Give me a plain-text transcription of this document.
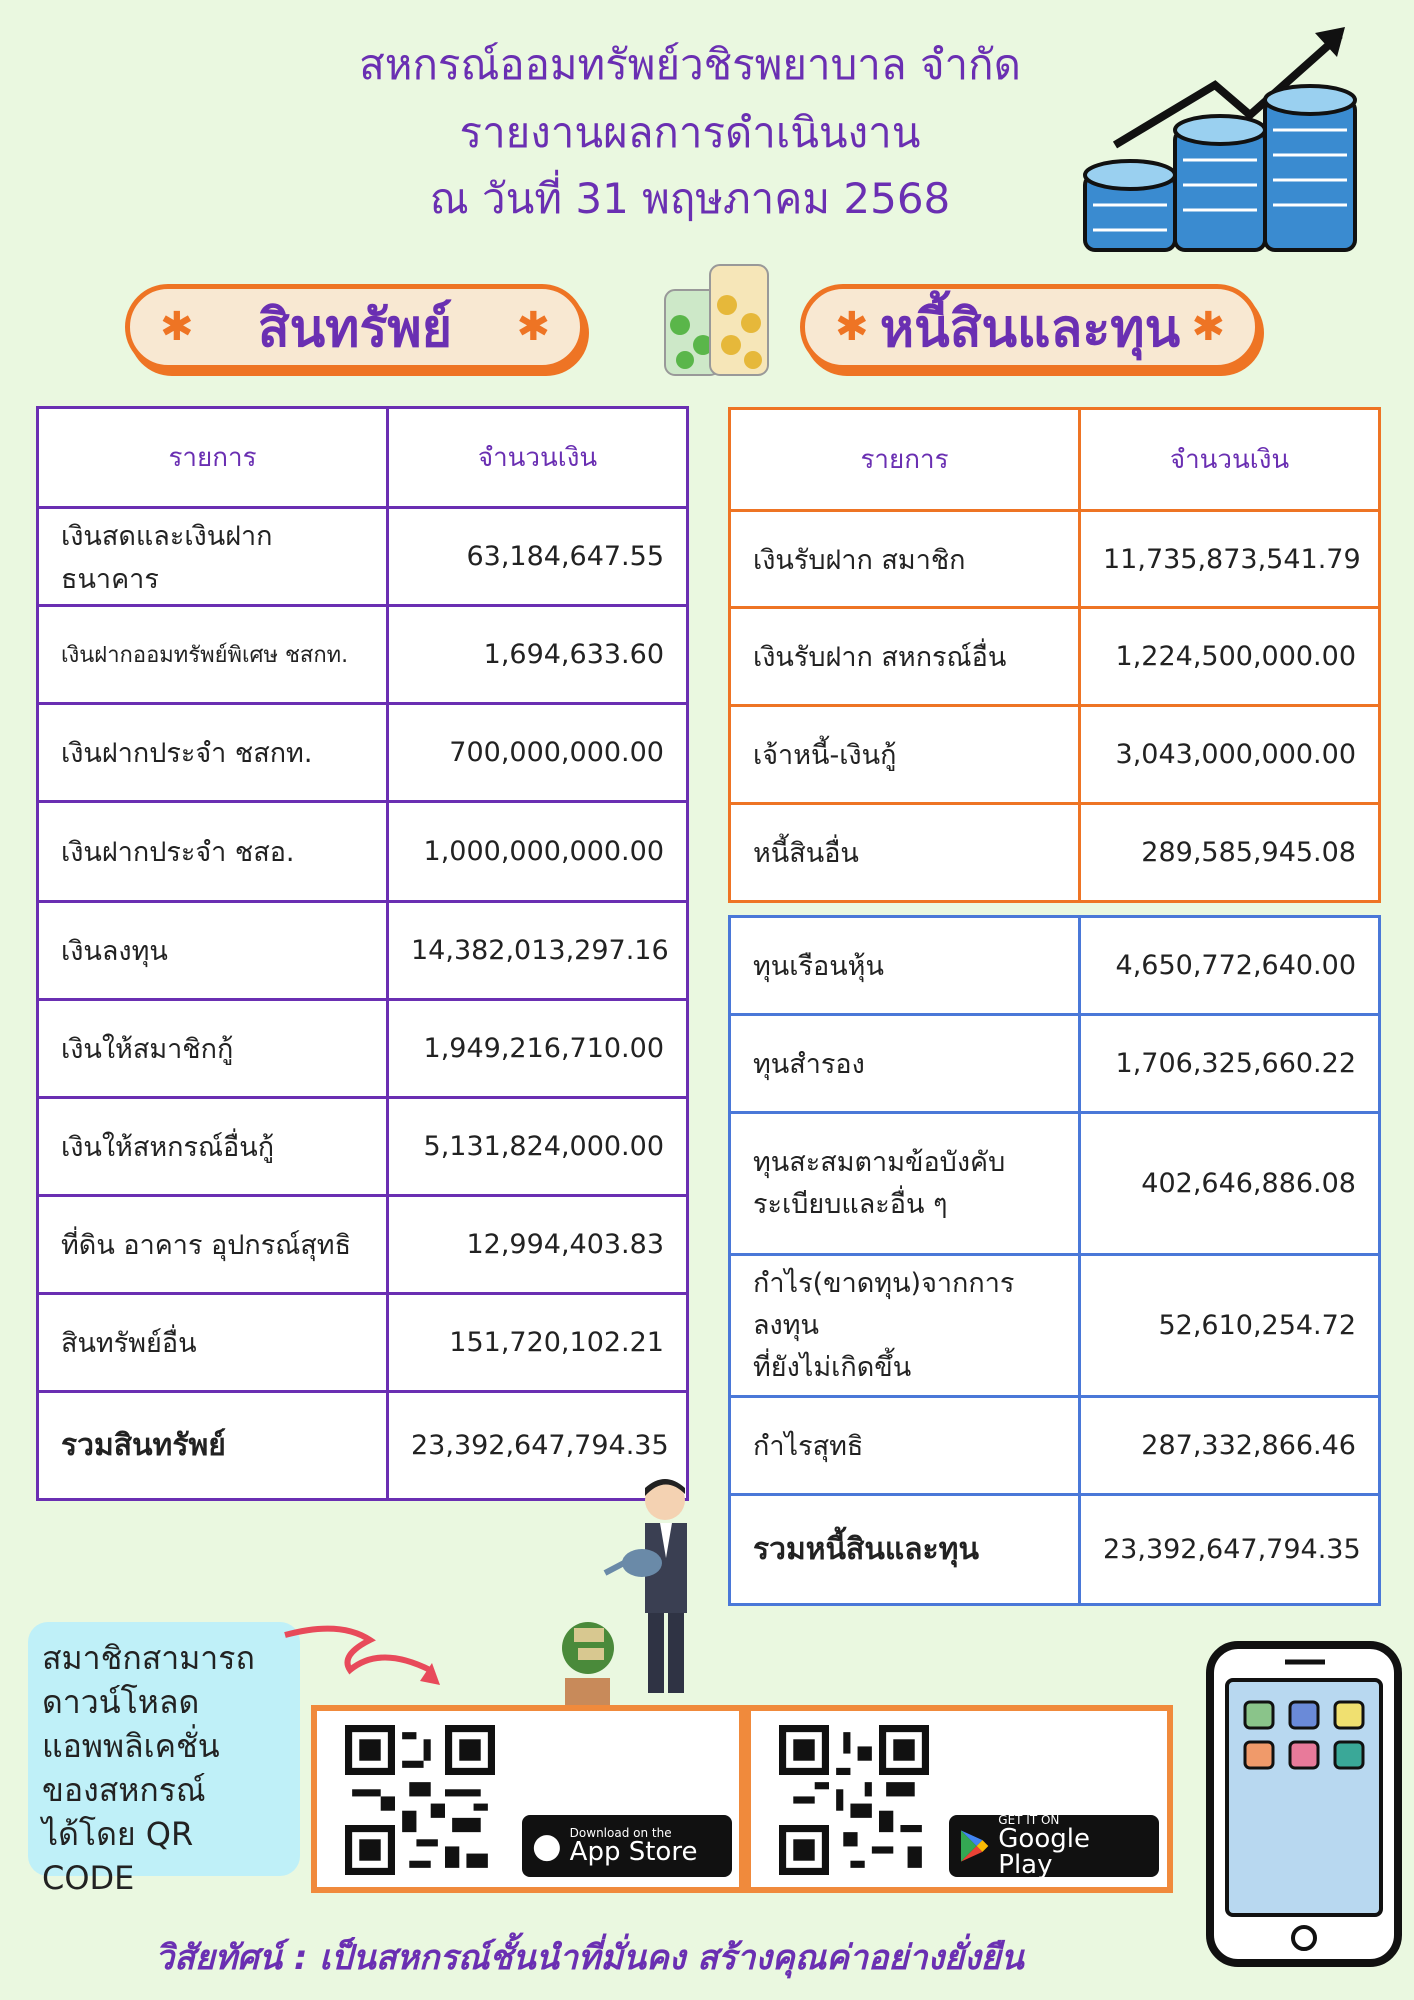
สหกรณ์ออมทรัพย์วชิรพยาบาล จำกัด
รายงานผลการดำเนินงาน
ณ วันที่ 31 พฤษภาคม 2568
✱ สินทรัพย์ ✱	✱ หนี้สินและทุน ✱
รายการ	จำนวนเงิน
เงินสดและเงินฝากธนาคาร	63,184,647.55
เงินฝากออมทรัพย์พิเศษ ชสกท.	1,694,633.60
เงินฝากประจำ ชสกท.	700,000,000.00
เงินฝากประจำ ชสอ.	1,000,000,000.00
เงินลงทุน	14,382,013,297.16
เงินให้สมาชิกกู้	1,949,216,710.00
เงินให้สหกรณ์อื่นกู้	5,131,824,000.00
ที่ดิน อาคาร อุปกรณ์สุทธิ	12,994,403.83
สินทรัพย์อื่น	151,720,102.21
รวมสินทรัพย์	23,392,647,794.35
รายการ	จำนวนเงิน
เงินรับฝาก สมาชิก	11,735,873,541.79
เงินรับฝาก สหกรณ์อื่น	1,224,500,000.00
เจ้าหนี้-เงินกู้	3,043,000,000.00
หนี้สินอื่น	289,585,945.08
ทุนเรือนหุ้น	4,650,772,640.00
ทุนสำรอง	1,706,325,660.22

ทุนสะสมตามข้อบังคับ
ระเบียบและอื่น ๆ	402,646,886.08

กำไร(ขาดทุน)จากการลงทุน
ที่ยังไม่เกิดขึ้น	52,610,254.72
กำไรสุทธิ	287,332,866.46
รวมหนี้สินและทุน	23,392,647,794.35
สมาชิกสามารถ
ดาวน์โหลด
แอพพลิเคชั่น
ของสหกรณ์
ได้โดย QR CODE
● Download on the
App Store
GET IT ON
Google Play
วิสัยทัศน์ : เป็นสหกรณ์ชั้นนำที่มั่นคง สร้างคุณค่าอย่างยั่งยืน
